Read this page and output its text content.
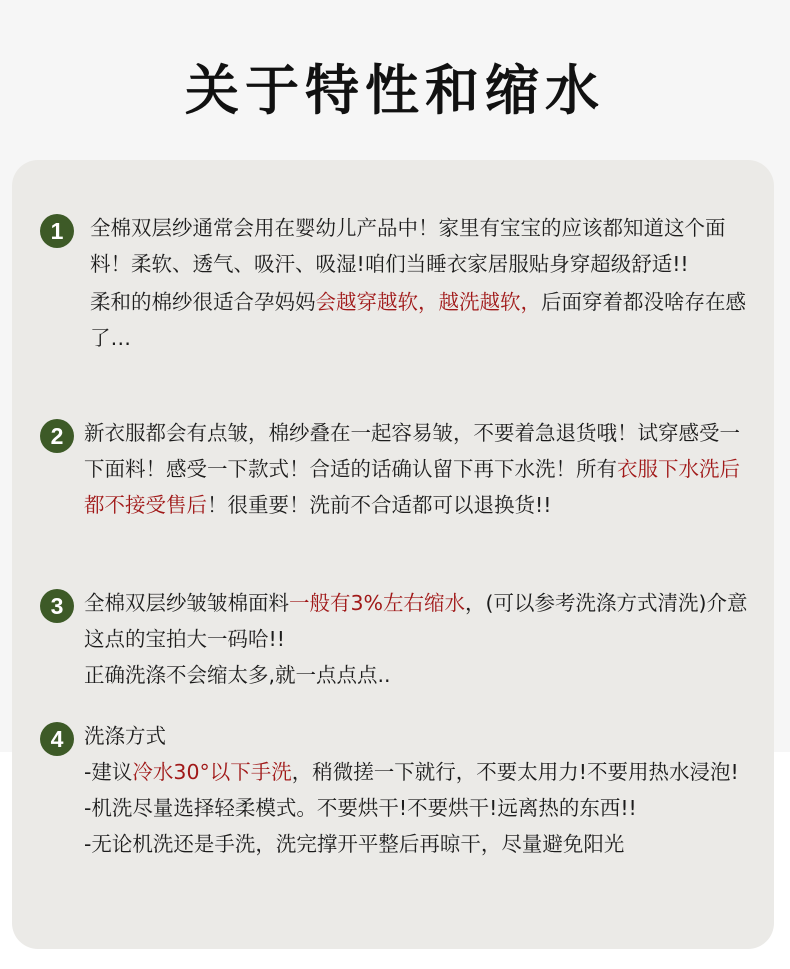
关于特性和缩水
1	全棉双层纱通常会用在婴幼儿产品中！家里有宝宝的应该都知道这个面料！柔软、透气、吸汗、吸湿!咱们当睡衣家居服贴身穿超级舒适!!

柔和的棉纱很适合孕妈妈会越穿越软，越洗越软，后面穿着都没啥存在感了…

2	新衣服都会有点皱，棉纱叠在一起容易皱，不要着急退货哦！试穿感受一下面料！感受一下款式！合适的话确认留下再下水洗！所有衣服下水洗后都不接受售后！很重要！洗前不合适都可以退换货!!

3	全棉双层纱皱皱棉面料一般有3%左右缩水，(可以参考洗涤方式清洗)介意这点的宝拍大一码哈!!

正确洗涤不会缩太多,就一点点点..

4	洗涤方式

-建议冷水30°以下手洗，稍微搓一下就行，不要太用力!不要用热水浸泡!

-机洗尽量选择轻柔模式。不要烘干!不要烘干!远离热的东西!!

-无论机洗还是手洗，洗完撑开平整后再晾干，尽量避免阳光
